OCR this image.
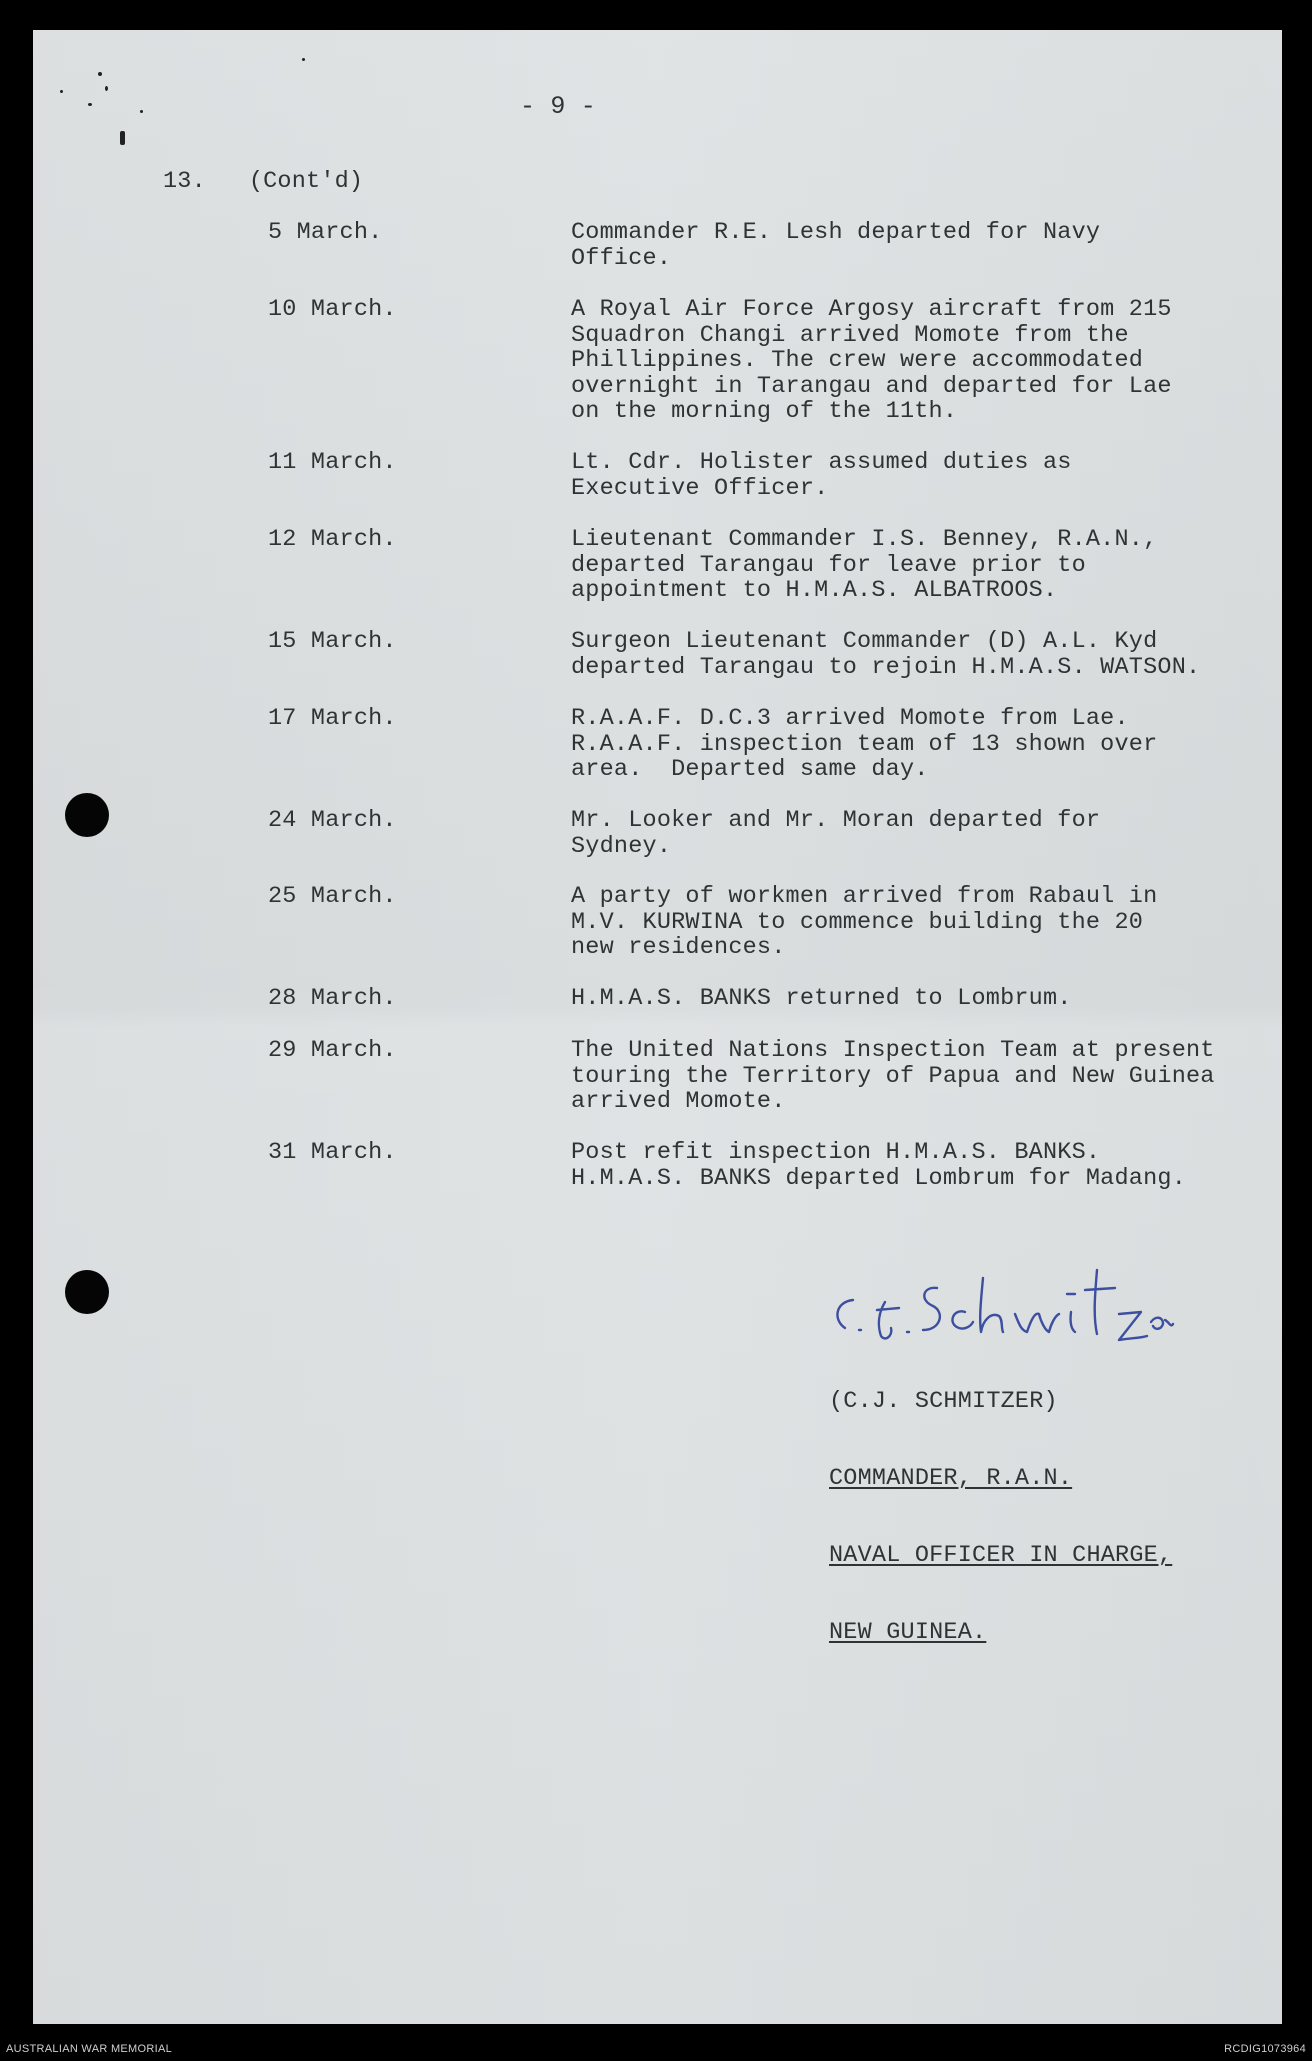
- 9 -
13.   (Cont'd)
5 March.	Commander R.E. Lesh departed for Navy
Office.
10 March.	A Royal Air Force Argosy aircraft from 215
Squadron Changi arrived Momote from the
Phillippines. The crew were accommodated
overnight in Tarangau and departed for Lae
on the morning of the 11th.
11 March.	Lt. Cdr. Holister assumed duties as
Executive Officer.
12 March.	Lieutenant Commander I.S. Benney, R.A.N.,
departed Tarangau for leave prior to
appointment to H.M.A.S. ALBATROOS.
15 March.	Surgeon Lieutenant Commander (D) A.L. Kyd
departed Tarangau to rejoin H.M.A.S. WATSON.
17 March.	R.A.A.F. D.C.3 arrived Momote from Lae.
R.A.A.F. inspection team of 13 shown over
area.  Departed same day.
24 March.	Mr. Looker and Mr. Moran departed for
Sydney.
25 March.	A party of workmen arrived from Rabaul in
M.V. KURWINA to commence building the 20
new residences.
28 March.	H.M.A.S. BANKS returned to Lombrum.
29 March.	The United Nations Inspection Team at present
touring the Territory of Papua and New Guinea
arrived Momote.
31 March.	Post refit inspection H.M.A.S. BANKS.
H.M.A.S. BANKS departed Lombrum for Madang.

(C.J. SCHMITZER)

COMMANDER, R.A.N.

NAVAL OFFICER IN CHARGE,

NEW GUINEA.

AUSTRALIAN WAR MEMORIAL	RCDIG1073964
